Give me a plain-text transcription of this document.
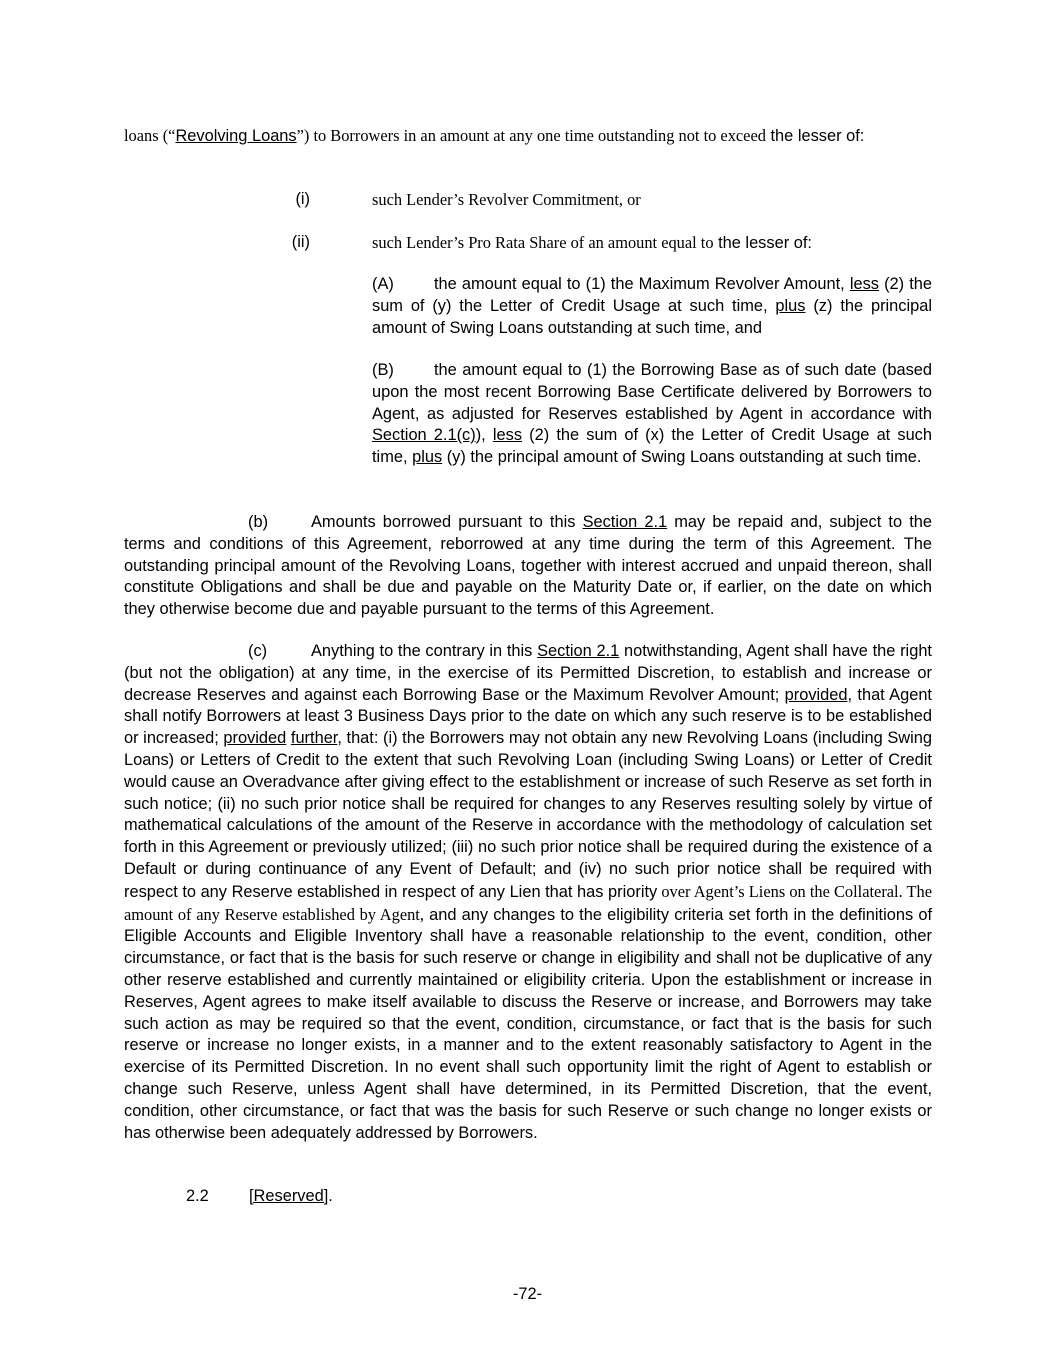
loans (“Revolving Loans”) to Borrowers in an amount at any one time outstanding not to exceed the lesser of:
(i)	such Lender’s Revolver Commitment, or
(ii)	such Lender’s Pro Rata Share of an amount equal to the lesser of:
(A) the amount equal to (1) the Maximum Revolver Amount, less (2) the sum of (y) the Letter of Credit Usage at such time, plus (z) the principal amount of Swing Loans outstanding at such time, and
(B) the amount equal to (1) the Borrowing Base as of such date (based upon the most recent Borrowing Base Certificate delivered by Borrowers to Agent, as adjusted for Reserves established by Agent in accordance with Section 2.1(c)), less (2) the sum of (x) the Letter of Credit Usage at such time, plus (y) the principal amount of Swing Loans outstanding at such time.
(b)	Amounts borrowed pursuant to this Section 2.1 may be repaid and, subject to the terms and conditions of this Agreement, reborrowed at any time during the term of this Agreement. The outstanding principal amount of the Revolving Loans, together with interest accrued and unpaid thereon, shall constitute Obligations and shall be due and payable on the Maturity Date or, if earlier, on the date on which they otherwise become due and payable pursuant to the terms of this Agreement.
(c)	Anything to the contrary in this Section 2.1 notwithstanding, Agent shall have the right (but not the obligation) at any time, in the exercise of its Permitted Discretion, to establish and increase or decrease Reserves and against each Borrowing Base or the Maximum Revolver Amount; provided, that Agent shall notify Borrowers at least 3 Business Days prior to the date on which any such reserve is to be established or increased; provided further, that: (i) the Borrowers may not obtain any new Revolving Loans (including Swing Loans) or Letters of Credit to the extent that such Revolving Loan (including Swing Loans) or Letter of Credit would cause an Overadvance after giving effect to the establishment or increase of such Reserve as set forth in such notice; (ii) no such prior notice shall be required for changes to any Reserves resulting solely by virtue of mathematical calculations of the amount of the Reserve in accordance with the methodology of calculation set forth in this Agreement or previously utilized; (iii) no such prior notice shall be required during the existence of a Default or during continuance of any Event of Default; and (iv) no such prior notice shall be required with respect to any Reserve established in respect of any Lien that has priority over Agent’s Liens on the Collateral. The amount of any Reserve established by Agent, and any changes to the eligibility criteria set forth in the definitions of Eligible Accounts and Eligible Inventory shall have a reasonable relationship to the event, condition, other circumstance, or fact that is the basis for such reserve or change in eligibility and shall not be duplicative of any other reserve established and currently maintained or eligibility criteria. Upon the establishment or increase in Reserves, Agent agrees to make itself available to discuss the Reserve or increase, and Borrowers may take such action as may be required so that the event, condition, circumstance, or fact that is the basis for such reserve or increase no longer exists, in a manner and to the extent reasonably satisfactory to Agent in the exercise of its Permitted Discretion. In no event shall such opportunity limit the right of Agent to establish or change such Reserve, unless Agent shall have determined, in its Permitted Discretion, that the event, condition, other circumstance, or fact that was the basis for such Reserve or such change no longer exists or has otherwise been adequately addressed by Borrowers.
2.2 [Reserved].
-72-
